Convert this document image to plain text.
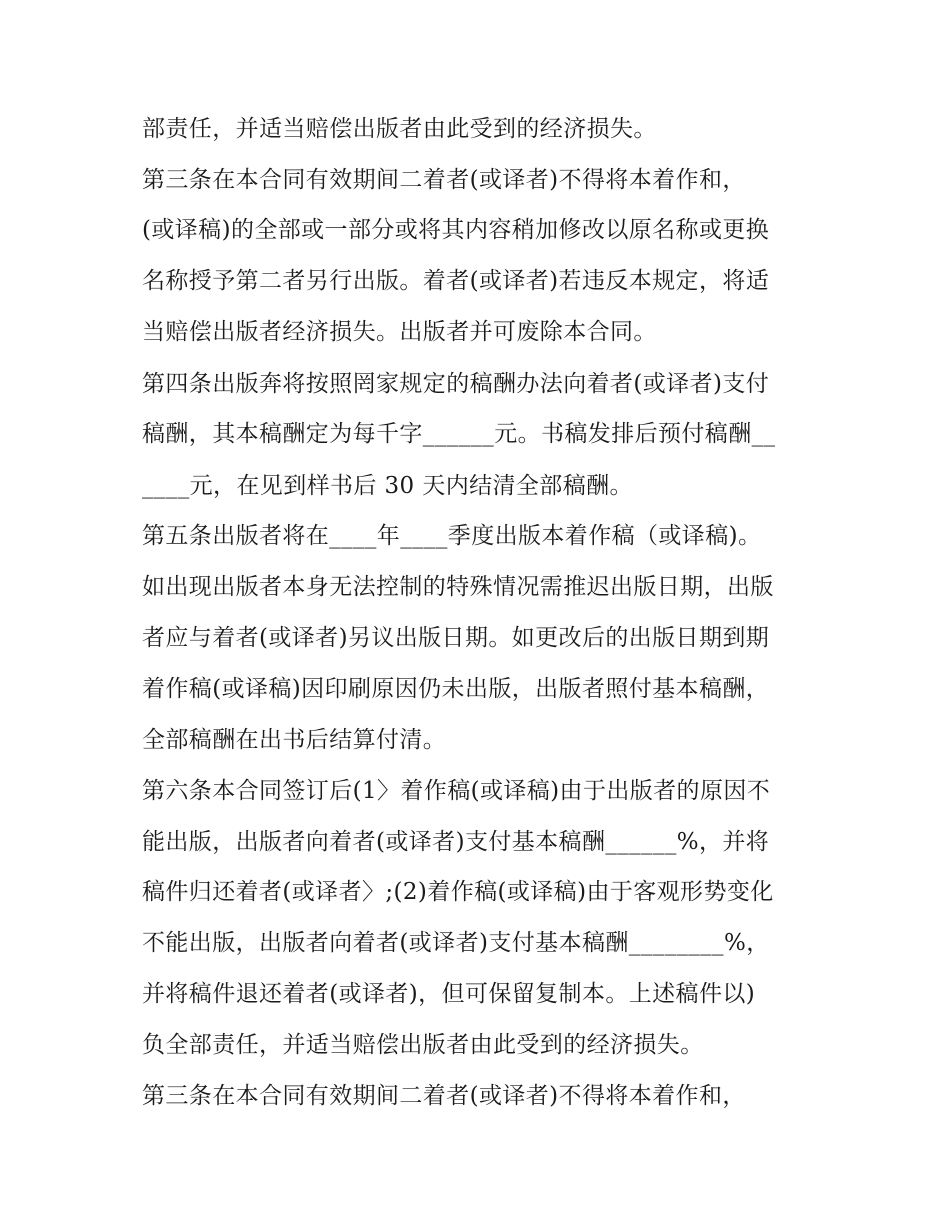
部责任，并适当赔偿出版者由此受到的经济损失。
第三条在本合同有效期间二着者(或译者)不得将本着作和，
(或译稿)的全部或一部分或将其内容稍加修改以原名称或更换
名称授予第二者另行出版。着者(或译者)若违反本规定，将适
当赔偿出版者经济损失。出版者并可废除本合同。
第四条出版奔将按照罔家规定的稿酬办法向着者(或译者)支付
稿酬，其本稿酬定为每千字______元。书稿发排后预付稿酬__
____元，在见到样书后 30 天内结清全部稿酬。
第五条出版者将在____年____季度出版本着作稿（或译稿)。
如出现出版者本身无法控制的特殊情况需推迟出版日期，出版
者应与着者(或译者)另议出版日期。如更改后的出版日期到期
着作稿(或译稿)因印刷原因仍未出版，出版者照付基本稿酬，
全部稿酬在出书后结算付清。
第六条本合同签订后(1〉着作稿(或译稿)由于出版者的原因不
能出版，出版者向着者(或译者)支付基本稿酬______%，并将
稿件归还着者(或译者〉;(2)着作稿(或译稿)由于客观形势变化
不能出版，出版者向着者(或译者)支付基本稿酬________%，
并将稿件退还着者(或译者)，但可保留复制本。上述稿件以)
负全部责任，并适当赔偿出版者由此受到的经济损失。
第三条在本合同有效期间二着者(或译者)不得将本着作和，
